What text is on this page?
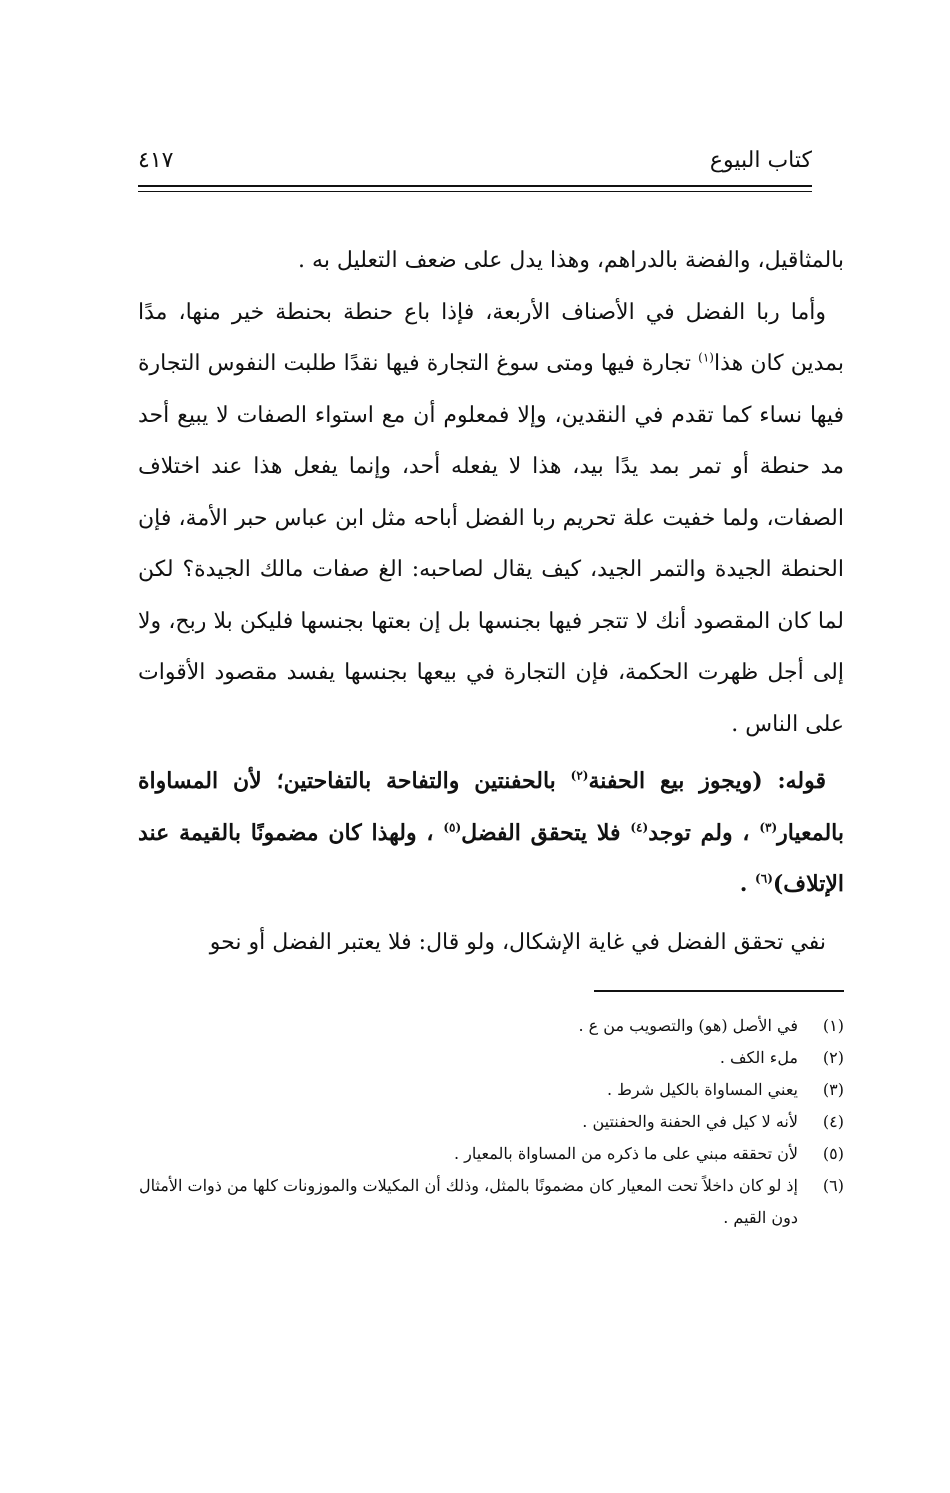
كتاب البيوع
٤١٧

بالمثاقيل، والفضة بالدراهم، وهذا يدل على ضعف التعليل به .

وأما ربا الفضل في الأصناف الأربعة، فإذا باع حنطة بحنطة خير منها، مدًا بمدين كان هذا$^{(١)}$ تجارة فيها ومتى سوغ التجارة فيها نقدًا طلبت النفوس التجارة فيها نساء كما تقدم في النقدين، وإلا فمعلوم أن مع استواء الصفات لا يبيع أحد مد حنطة أو تمر بمد يدًا بيد، هذا لا يفعله أحد، وإنما يفعل هذا عند اختلاف الصفات، ولما خفيت علة تحريم ربا الفضل أباحه مثل ابن عباس حبر الأمة، فإن الحنطة الجيدة والتمر الجيد، كيف يقال لصاحبه: الغ صفات مالك الجيدة؟ لكن لما كان المقصود أنك لا تتجر فيها بجنسها بل إن بعتها بجنسها فليكن بلا ربح، ولا إلى أجل ظهرت الحكمة، فإن التجارة في بيعها بجنسها يفسد مقصود الأقوات على الناس .

قوله: (ويجوز بيع الحفنة$^{(٢)}$ بالحفنتين والتفاحة بالتفاحتين؛ لأن المساواة بالمعيار$^{(٣)}$ ، ولم توجد$^{(٤)}$ فلا يتحقق الفضل$^{(٥)}$ ، ولهذا كان مضمونًا بالقيمة عند الإتلاف)$^{(٦)}$ .

نفي تحقق الفضل في غاية الإشكال، ولو قال: فلا يعتبر الفضل أو نحو

(١)في الأصل (هو) والتصويب من ع .

(٢)ملء الكف .

(٣)يعني المساواة بالكيل شرط .

(٤)لأنه لا كيل في الحفنة والحفنتين .

(٥)لأن تحققه مبني على ما ذكره من المساواة بالمعيار .

(٦)إذ لو كان داخلاً تحت المعيار كان مضمونًا بالمثل، وذلك أن المكيلات والموزونات كلها من ذوات الأمثال دون القيم .
